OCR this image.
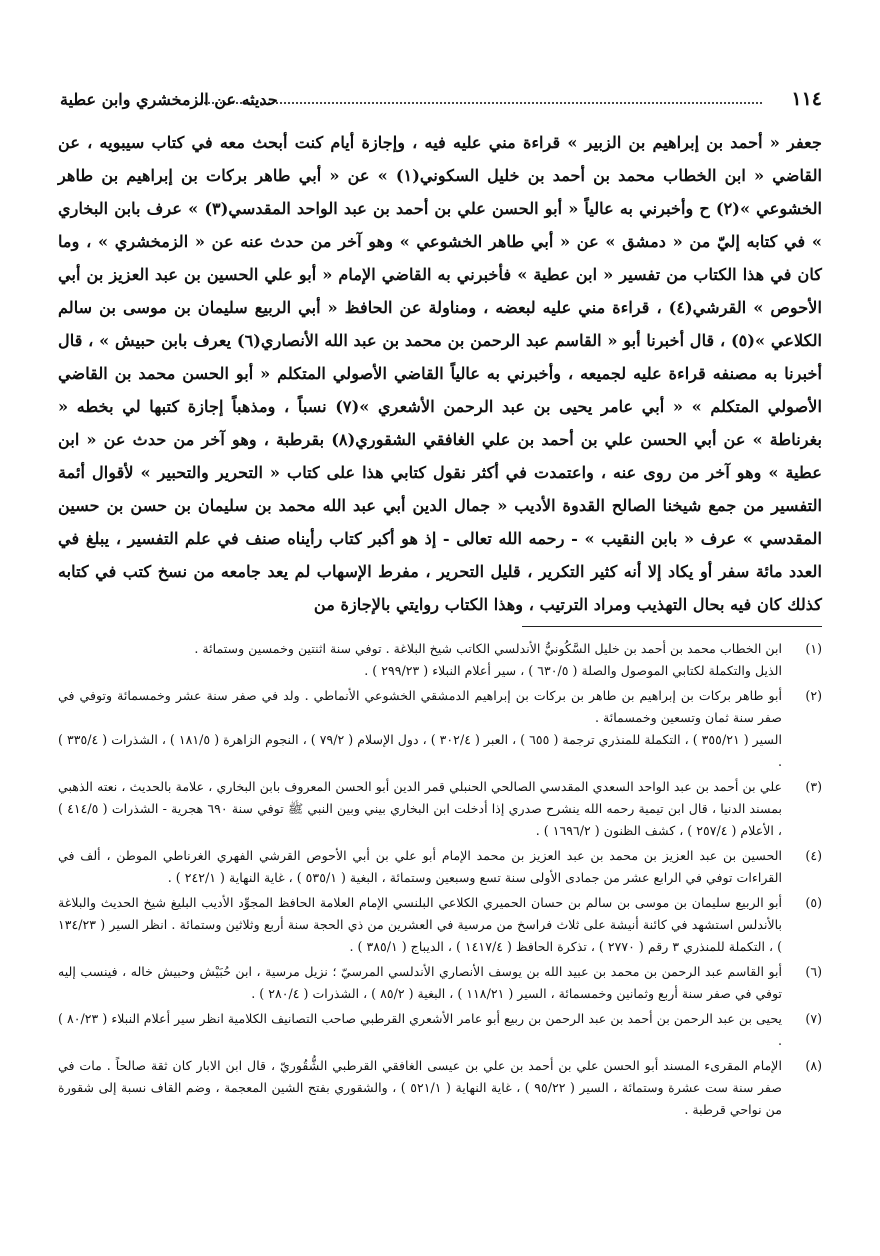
١١٤
حديثه عن الزمخشري وابن عطية

جعفر « أحمد بن إبراهيم بن الزبير » قراءة مني عليه فيه ، وإجازة أيام كنت أبحث معه في كتاب سيبويه ، عن القاضي « ابن الخطاب محمد بن أحمد بن خليل السكوني(١) » عن « أبي طاهر بركات بن إبراهيم بن طاهر الخشوعي »(٢) ح وأخبرني به عالياً « أبو الحسن علي بن أحمد بن عبد الواحد المقدسي(٣) » عرف بابن البخاري » في كتابه إليّ من « دمشق » عن « أبي طاهر الخشوعي » وهو آخر من حدث عنه عن « الزمخشري » ، وما كان في هذا الكتاب من تفسير « ابن عطية » فأخبرني به القاضي الإمام « أبو علي الحسين بن عبد العزيز بن أبي الأحوص » القرشي(٤) ، قراءة مني عليه لبعضه ، ومناولة عن الحافظ « أبي الربيع سليمان بن موسى بن سالم الكلاعي »(٥) ، قال أخبرنا أبو « القاسم عبد الرحمن بن محمد بن عبد الله الأنصاري(٦) يعرف بابن حبيش » ، قال أخبرنا به مصنفه قراءة عليه لجميعه ، وأخبرني به عالياً القاضي الأصولي المتكلم « أبو الحسن محمد بن القاضي الأصولي المتكلم » « أبي عامر يحيى بن عبد الرحمن الأشعري »(٧) نسباً ، ومذهباً إجازة كتبها لي بخطه « بغرناطة » عن أبي الحسن علي بن أحمد بن علي الغافقي الشقوري(٨) بقرطبة ، وهو آخر من حدث عن « ابن عطية » وهو آخر من روى عنه ، واعتمدت في أكثر نقول كتابي هذا على كتاب « التحرير والتحبير » لأقوال أئمة التفسير من جمع شيخنا الصالح القدوة الأديب « جمال الدين أبي عبد الله محمد بن سليمان بن حسن بن حسين المقدسي » عرف « بابن النقيب » - رحمه الله تعالى - إذ هو أكبر كتاب رأيناه صنف في علم التفسير ، يبلغ في العدد مائة سفر أو يكاد إلا أنه كثير التكرير ، قليل التحرير ، مفرط الإسهاب لم يعد جامعه من نسخ كتب في كتابه كذلك كان فيه بحال التهذيب ومراد الترتيب ، وهذا الكتاب روايتي بالإجازة من

(١)
ابن الخطاب محمد بن أحمد بن خليل السَّكُونيُّ الأندلسي الكاتب شيخ البلاغة . توفي سنة اثنتين وخمسين وستمائة .
الذيل والتكملة لكتابي الموصول والصلة ( ٦٣٠/٥ ) ، سير أعلام النبلاء ( ٢٩٩/٢٣ ) .
(٢)
أبو طاهر بركات بن إبراهيم بن طاهر بن بركات بن إبراهيم الدمشقي الخشوعي الأنماطي . ولد في صفر سنة عشر وخمسمائة وتوفي في صفر سنة ثمان وتسعين وخمسمائة .
السير ( ٣٥٥/٢١ ) ، التكملة للمنذري ترجمة ( ٦٥٥ ) ، العبر ( ٣٠٢/٤ ) ، دول الإسلام ( ٧٩/٢ ) ، النجوم الزاهرة ( ١٨١/٥ ) ، الشذرات ( ٣٣٥/٤ ) .
(٣)
علي بن أحمد بن عبد الواحد السعدي المقدسي الصالحي الحنبلي قمر الدين أبو الحسن المعروف بابن البخاري ، علامة بالحديث ، نعته الذهبي بمسند الدنيا ، قال ابن تيمية رحمه الله ينشرح صدري إذا أدخلت ابن البخاري بيني وبين النبي ﷺ توفي سنة ٦٩٠ هجرية - الشذرات ( ٤١٤/٥ ) ، الأعلام ( ٢٥٧/٤ ) ، كشف الظنون ( ١٦٩٦/٢ ) .
(٤)
الحسين بن عبد العزيز بن محمد بن عبد العزيز بن محمد الإمام أبو علي بن أبي الأحوص القرشي الفهري الغرناطي الموطن ، ألف في القراءات توفي في الرابع عشر من جمادى الأولى سنة تسع وسبعين وستمائة ، البغية ( ٥٣٥/١ ) ، غاية النهاية ( ٢٤٢/١ ) .
(٥)
أبو الربيع سليمان بن موسى بن سالم بن حسان الحميري الكلاعي البلنسي الإمام العلامة الحافظ المجوِّد الأديب البليغ شيخ الحديث والبلاغة بالأندلس استشهد في كائنة أنيشة على ثلاث فراسخ من مرسية في العشرين من ذي الحجة سنة أربع وثلاثين وستمائة . انظر السير ( ١٣٤/٢٣ ) ، التكملة للمنذري ٣ رقم ( ٢٧٧٠ ) ، تذكرة الحافظ ( ١٤١٧/٤ ) ، الديباج ( ٣٨٥/١ ) .
(٦)
أبو القاسم عبد الرحمن بن محمد بن عبيد الله بن يوسف الأنصاري الأندلسي المرسيّ ؛ نزيل مرسية ، ابن حُبَيْش وحبيش خاله ، فينسب إليه توفي في صفر سنة أربع وثمانين وخمسمائة ، السير ( ١١٨/٢١ ) ، البغية ( ٨٥/٢ ) ، الشذرات ( ٢٨٠/٤ ) .
(٧)
يحيى بن عبد الرحمن بن أحمد بن عبد الرحمن بن ربيع أبو عامر الأشعري القرطبي صاحب التصانيف الكلامية انظر سير أعلام النبلاء ( ٨٠/٢٣ ) .
(٨)
الإمام المقرىء المسند أبو الحسن علي بن أحمد بن علي بن عيسى الغافقي القرطبي الشُّقُوريّ ، قال ابن الابار كان ثقة صالحاً . مات في صفر سنة ست عشرة وستمائة ، السير ( ٩٥/٢٢ ) ، غاية النهاية ( ٥٢١/١ ) ، والشقوري بفتح الشين المعجمة ، وضم القاف نسبة إلى شقورة من نواحي قرطبة .
